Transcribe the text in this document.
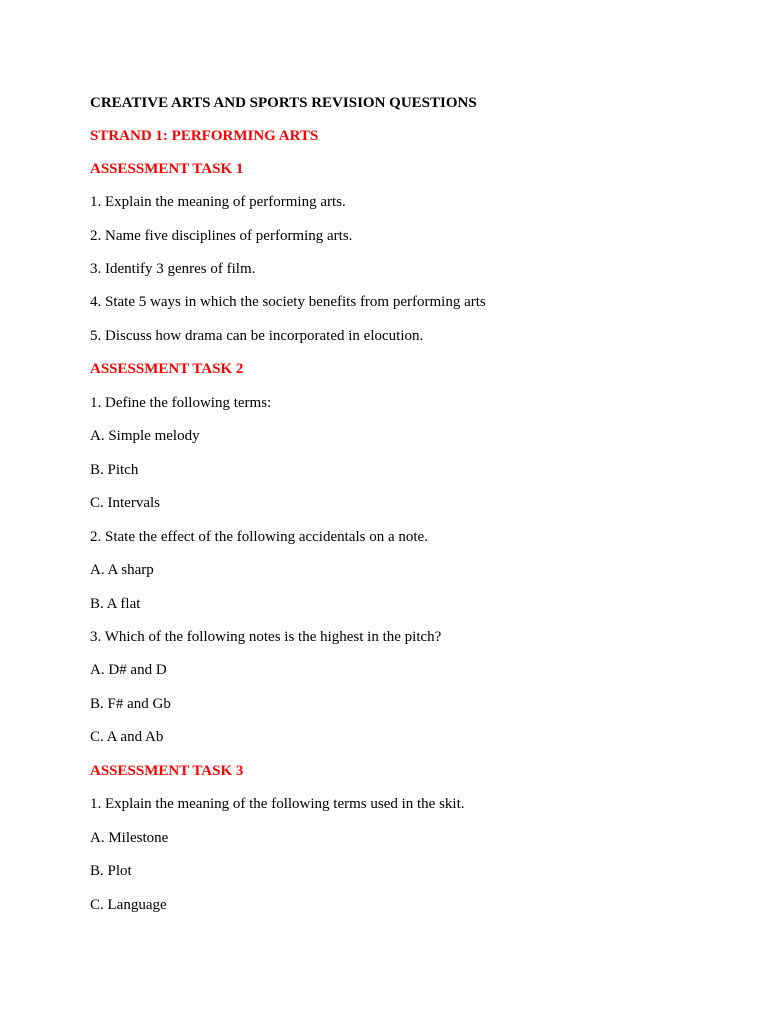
CREATIVE ARTS AND SPORTS REVISION QUESTIONS

STRAND 1: PERFORMING ARTS

ASSESSMENT TASK 1

1. Explain the meaning of performing arts.

2. Name five disciplines of performing arts.

3. Identify 3 genres of film.

4. State 5 ways in which the society benefits from performing arts

5. Discuss how drama can be incorporated in elocution.

ASSESSMENT TASK 2

1. Define the following terms:

A. Simple melody

B. Pitch

C. Intervals

2. State the effect of the following accidentals on a note.

A. A sharp

B. A flat

3. Which of the following notes is the highest in the pitch?

A. D# and D

B. F# and Gb

C. A and Ab

ASSESSMENT TASK 3

1. Explain the meaning of the following terms used in the skit.

A. Milestone

B. Plot

C. Language
